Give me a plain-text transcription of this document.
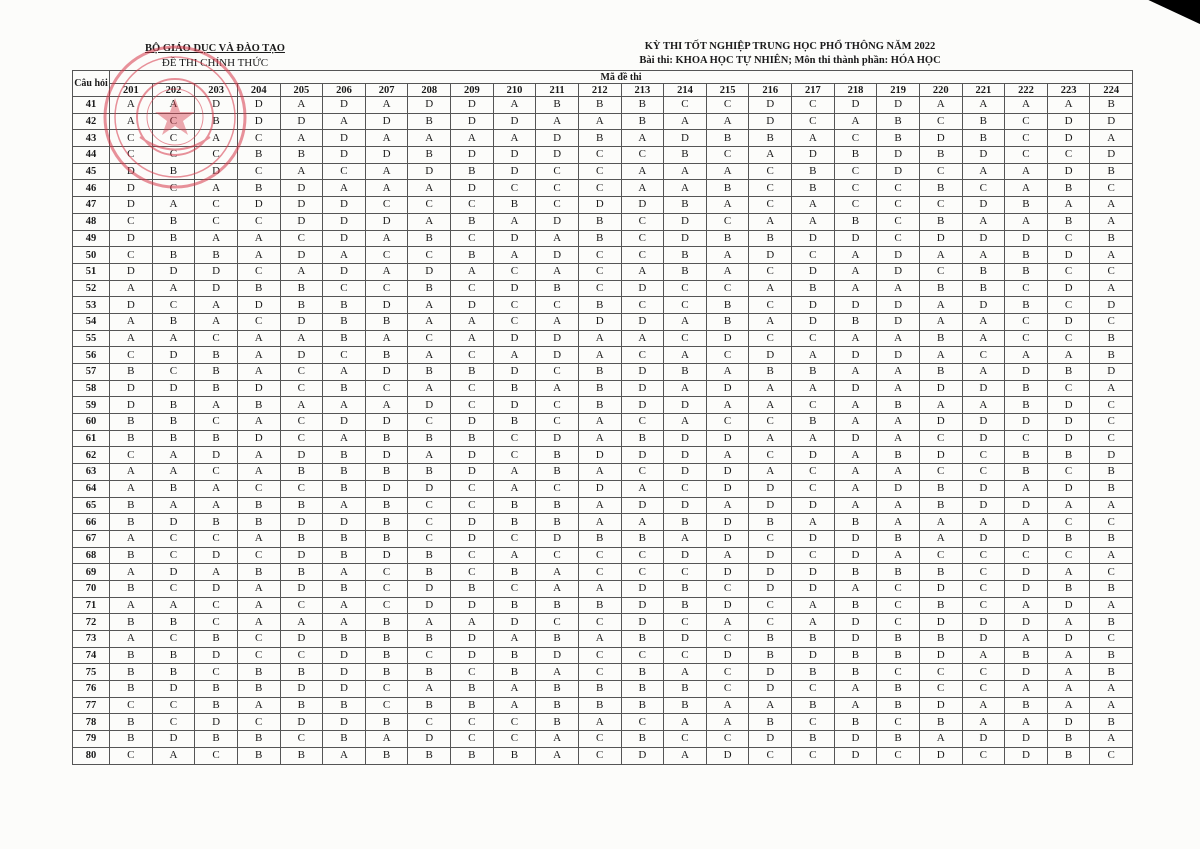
BỘ GIÁO DỤC VÀ ĐÀO TẠO
ĐỀ THI CHÍNH THỨC
KỲ THI TỐT NGHIỆP TRUNG HỌC PHỔ THÔNG NĂM 2022
Bài thi: KHOA HỌC TỰ NHIÊN; Môn thi thành phần: HÓA HỌC
Câu hỏi	Mã đề thi																							
	201	202	203	204	205	206	207	208	209	210	211	212	213	214	215	216	217	218	219	220	221	222	223	224
41	A	A	D	D	A	D	A	D	D	A	B	B	B	C	C	D	C	D	D	A	A	A	A	B
42	A	C	B	D	D	A	D	B	D	D	A	A	B	A	A	D	C	A	B	C	B	C	D	D
43	C	C	A	C	A	D	A	A	A	A	D	B	A	D	B	B	A	C	B	D	B	C	D	A
44	C	C	C	B	B	D	D	B	D	D	D	C	C	B	C	A	D	B	D	B	D	C	C	D
45	D	B	D	C	A	C	A	D	B	D	C	C	A	A	A	C	B	C	D	C	A	A	D	B
46	D	C	A	B	D	A	A	A	D	C	C	C	A	A	B	C	B	C	C	B	C	A	B	C
47	D	A	C	D	D	D	C	C	C	B	C	D	D	B	A	C	A	C	C	C	D	B	A	A
48	C	B	C	C	D	D	D	A	B	A	D	B	C	D	C	A	A	B	C	B	A	A	B	A
49	D	B	A	A	C	D	A	B	C	D	A	B	C	D	B	B	D	D	C	D	D	D	C	B
50	C	B	B	A	D	A	C	C	B	A	D	C	C	B	A	D	C	A	D	A	A	B	D	A
51	D	D	D	C	A	D	A	D	A	C	A	C	A	B	A	C	D	A	D	C	B	B	C	C
52	A	A	D	B	B	C	C	B	C	D	B	C	D	C	C	A	B	A	A	B	B	C	D	A
53	D	C	A	D	B	B	D	A	D	C	C	B	C	C	B	C	D	D	D	A	D	B	C	D
54	A	B	A	C	D	B	B	A	A	C	A	D	D	A	B	A	D	B	D	A	A	C	D	C
55	A	A	C	A	A	B	A	C	A	D	D	A	A	C	D	C	C	A	A	B	A	C	C	B
56	C	D	B	A	D	C	B	A	C	A	D	A	C	A	C	D	A	D	D	A	C	A	A	B
57	B	C	B	A	C	A	D	B	B	D	C	B	D	B	A	B	B	A	A	B	A	D	B	D
58	D	D	B	D	C	B	C	A	C	B	A	B	D	A	D	A	A	D	A	D	D	B	C	A
59	D	B	A	B	A	A	A	D	C	D	C	B	D	D	A	A	C	A	B	A	A	B	D	C
60	B	B	C	A	C	D	D	C	D	B	C	A	C	A	C	C	B	A	A	D	D	D	D	C
61	B	B	B	D	C	A	B	B	B	C	D	A	B	D	D	A	A	D	A	C	D	C	D	C
62	C	A	D	A	D	B	D	A	D	C	B	D	D	D	A	C	D	A	B	D	C	B	B	D
63	A	A	C	A	B	B	B	B	D	A	B	A	C	D	D	A	C	A	A	C	C	B	C	B
64	A	B	A	C	C	B	D	D	C	A	C	D	A	C	D	D	C	A	D	B	D	A	D	B
65	B	A	A	B	B	A	B	C	C	B	B	A	D	D	A	D	D	A	A	B	D	D	A	A
66	B	D	B	B	D	D	B	C	D	B	B	A	A	B	D	B	A	B	A	A	A	A	C	C
67	A	C	C	A	B	B	B	C	D	C	D	B	B	A	D	C	D	D	B	A	D	D	B	B
68	B	C	D	C	D	B	D	B	C	A	C	C	C	D	A	D	C	D	A	C	C	C	C	A
69	A	D	A	B	B	A	C	B	C	B	A	C	C	C	D	D	D	B	B	B	C	D	A	C
70	B	C	D	A	D	B	C	D	B	C	A	A	D	B	C	D	D	A	C	D	C	D	B	B
71	A	A	C	A	C	A	C	D	D	B	B	B	D	B	D	C	A	B	C	B	C	A	D	A
72	B	B	C	A	A	A	B	A	A	D	C	C	D	C	A	C	A	D	C	D	D	D	A	B
73	A	C	B	C	D	B	B	B	D	A	B	A	B	D	C	B	B	D	B	B	D	A	D	C
74	B	B	D	C	C	D	B	C	D	B	D	C	C	C	D	B	D	B	B	D	A	B	A	B
75	B	B	C	B	B	D	B	B	C	B	A	C	B	A	C	D	B	B	C	C	C	D	A	B
76	B	D	B	B	D	D	C	A	B	A	B	B	B	B	C	D	C	A	B	C	C	A	A	A
77	C	C	B	A	B	B	C	B	B	A	B	B	B	B	A	A	B	A	B	D	A	B	A	A
78	B	C	D	C	D	D	B	C	C	C	B	A	C	A	A	B	C	B	C	B	A	A	D	B
79	B	D	B	B	C	B	A	D	C	C	A	C	B	C	C	D	B	D	B	A	D	D	B	A
80	C	A	C	B	B	A	B	B	B	B	A	C	D	A	D	C	C	D	C	D	C	D	B	C
